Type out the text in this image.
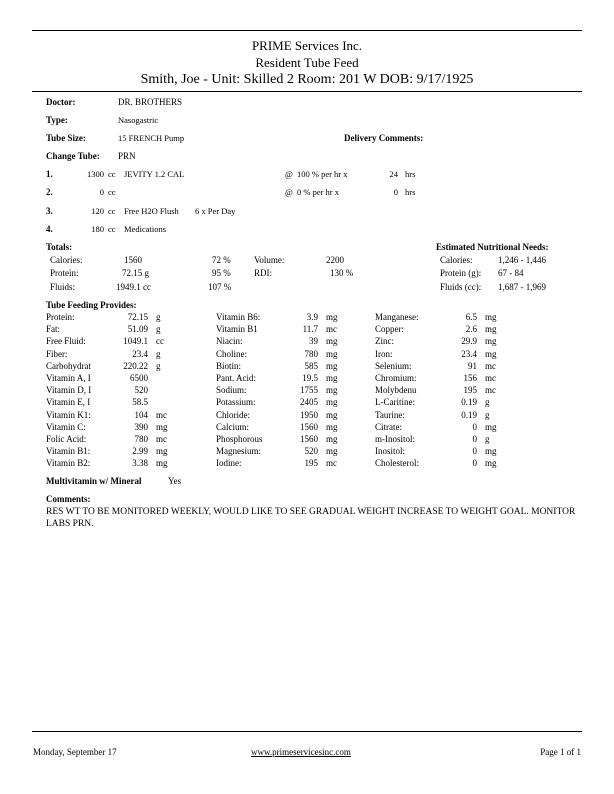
PRIME Services Inc.
Resident Tube Feed
Smith, Joe - Unit: Skilled 2 Room: 201 W DOB: 9/17/1925
Doctor:	DR. BROTHERS
Type:	Nasogastric
Tube Size:	15 FRENCH Pump	Delivery Comments:
Change Tube: PRN
1.	1300 cc JEVITY 1.2 CAL	@ 100 % per hr x	24 hrs
2.	0 cc	@ 0 % per hr x	0 hrs
3.	120 cc Free H2O Flush 6 x Per Day
4.	180 cc Medications
Totals:
Calories:	1560	72 %
Protein:	72.15 g	95 %
Fluids:	1949.1 cc	107 %
Volume:	2200
RDI:	130 %
Estimated Nutritional Needs:
Calories:	1,246 - 1,446
Protein (g): 67 - 84
Fluids (cc): 1,687 - 1,969
Tube Feeding Provides:
Protein:	72.15 g
Fat:	51.09 g
Free Fluid:	1049.1 cc
Fiber:	23.4 g
Carbohydrat	220.22 g
Vitamin A, I	6500
Vitamin D, I	520
Vitamin E, I	58.5
Vitamin K1:	104 mc
Vitamin C:	390 mg
Folic Acid:	780 mc
Vitamin B1:	2.99 mg
Vitamin B2:	3.38 mg
Vitamin B6:	3.9 mg
Vitamin B1	11.7 mc
Niacin:	39 mg
Choline:	780 mg
Biotin:	585 mg
Pant. Acid:	19.5 mg
Sodium:	1755 mg
Potassium:	2405 mg
Chloride:	1950 mg
Calcium:	1560 mg
Phosphorous	1560 mg
Magnesium:	520 mg
Iodine:	195 mc
Manganese:	6.5 mg
Copper:	2.6 mg
Zinc:	29.9 mg
Iron:	23.4 mg
Selenium:	91 mc
Chromium:	156 mc
Molybdenu	195 mc
L-Caritine:	0.19 g
Taurine:	0.19 g
Citrate:	0 mg
m-Inositol:	0 g
Inositol:	0 mg
Cholesterol:	0 mg
Multivitamin w/ Mineral	Yes
Comments:
RES WT TO BE MONITORED WEEKLY, WOULD LIKE TO SEE GRADUAL WEIGHT INCREASE TO WEIGHT GOAL. MONITOR LABS PRN.
Monday, September 17	www.primeservicesinc.com	Page 1 of 1
